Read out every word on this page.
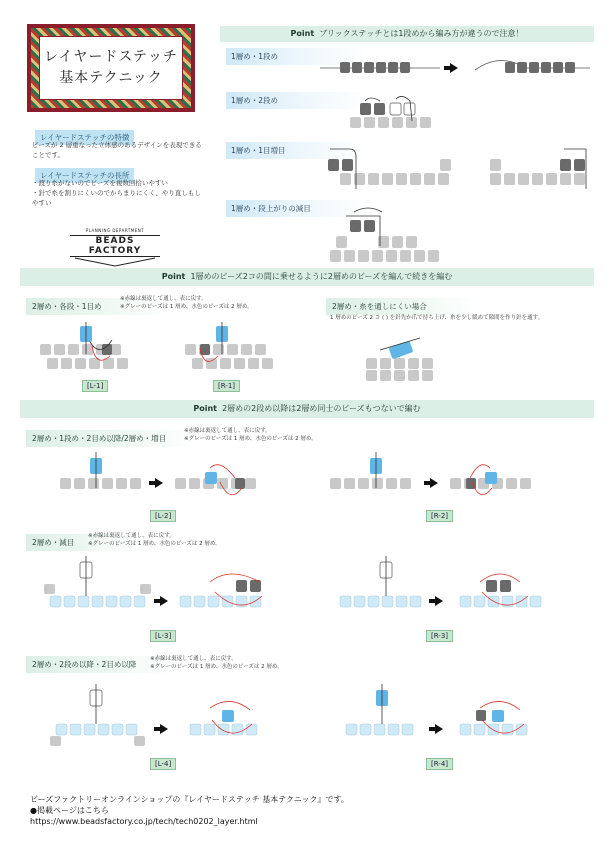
レイヤードステッチ
基本テクニック
レイヤードステッチの特徴
ビーズが 2 層重なった立体感のあるデザインを表現できることです。
レイヤードステッチの長所
・渡り糸がないのでビーズを複数回拾いやすい
・針で糸を割りにくいのでからまりにくく、やり直しもしやすい
PLANNING DEPARTMENT
BEADS FACTORY
Point ブリックステッチとは1段めから編み方が違うので注意！
1層め・1段め
1層め・2段め
1層め・1目増目
1層め・段上がりの減目
Point 1層めのビーズ2コの間に乗せるように2層めのビーズを編んで続きを編む
2層め・各段・1目め
※赤線は裏返して通し、表に戻す。
※グレーのビーズは 1 層め、水色のビーズは 2 層め。	2層め・糸を通しにくい場合
1 層めのビーズ 2 コ ( ) を針先か爪で持ち上げ、糸を少し緩めて隙間を作り針を通す。
[L-1]	[R-1]
Point 2層めの2段め以降は2層め同士のビーズもつないで編む
2層め・1段め・2目め以降/2層め・増目
※赤線は裏返して通し、表に戻す。
※グレーのビーズは 1 層め、水色のビーズは 2 層め。
[L-2]	[R-2]
2層め・減目
※赤線は裏返して通し、表に戻す。
※グレーのビーズは 1 層め、水色のビーズは 2 層め。
[L-3]	[R-3]
2層め・2段め以降・2目め以降
※赤線は裏返して通し、表に戻す。
※グレーのビーズは 1 層め、水色のビーズは 2 層め。
[L-4]	[R-4]
ビーズファクトリーオンラインショップの『レイヤードステッチ 基本テクニック』です。
●掲載ページはこちら
https://www.beadsfactory.co.jp/tech/tech0202_layer.html
